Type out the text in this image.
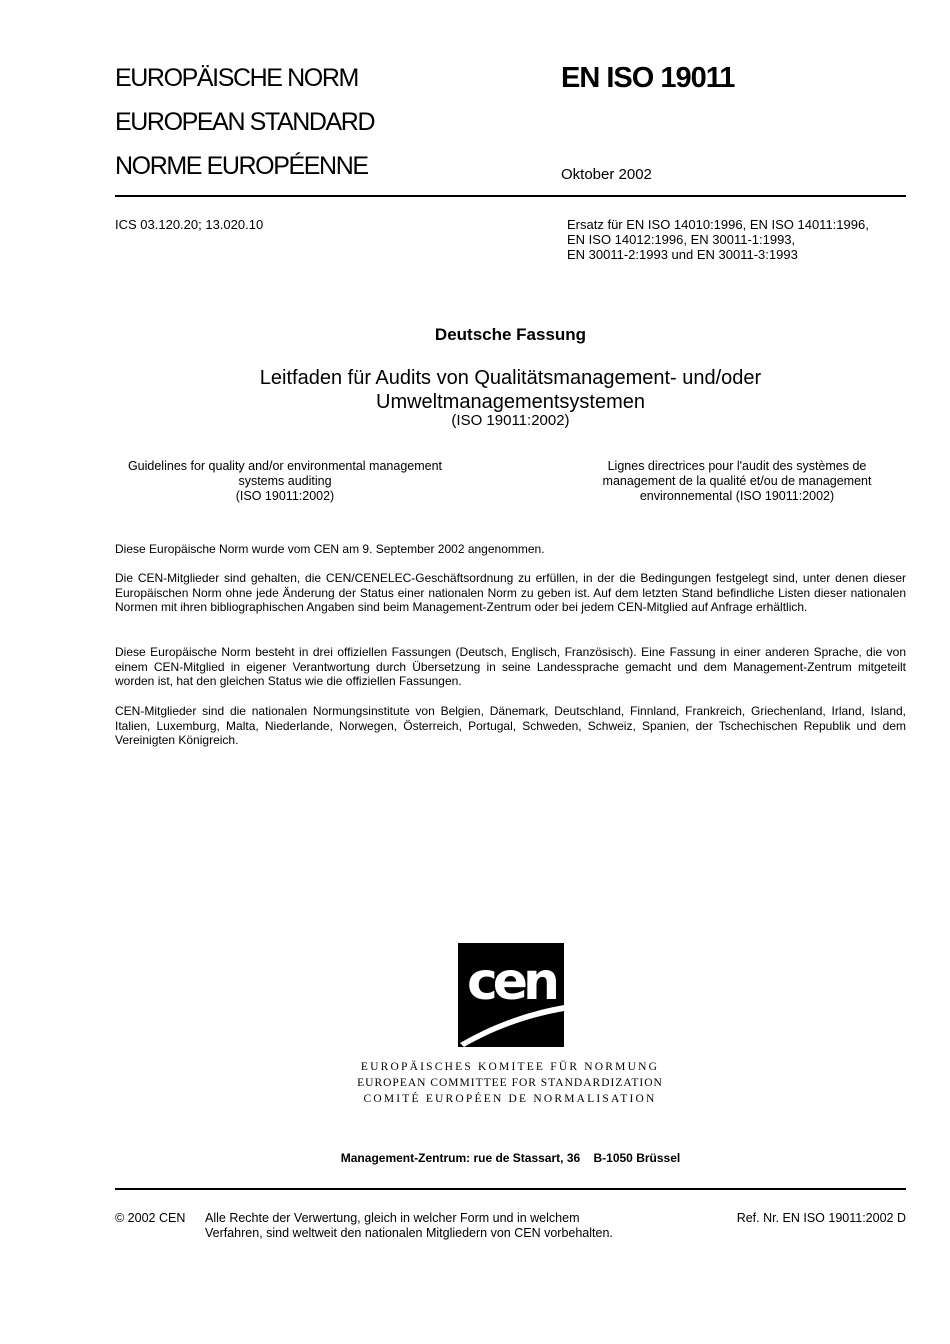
EUROPÄISCHE NORM
EUROPEAN STANDARD
NORME EUROPÉENNE
EN ISO 19011
Oktober 2002
ICS 03.120.20; 13.020.10	Ersatz für EN ISO 14010:1996, EN ISO 14011:1996,
EN ISO 14012:1996, EN 30011-1:1993,
EN 30011-2:1993 und EN 30011-3:1993
Deutsche Fassung
Leitfaden für Audits von Qualitätsmanagement- und/oder
Umweltmanagementsystemen
(ISO 19011:2002)
Guidelines for quality and/or environmental management
systems auditing
(ISO 19011:2002)
Lignes directrices pour l'audit des systèmes de
management de la qualité et/ou de management
environnemental (ISO 19011:2002)
Diese Europäische Norm wurde vom CEN am 9. September 2002 angenommen.
Die CEN-Mitglieder sind gehalten, die CEN/CENELEC-Geschäftsordnung zu erfüllen, in der die Bedingungen festgelegt sind, unter denen dieser Europäischen Norm ohne jede Änderung der Status einer nationalen Norm zu geben ist. Auf dem letzten Stand befindliche Listen dieser nationalen Normen mit ihren bibliographischen Angaben sind beim Management-Zentrum oder bei jedem CEN-Mitglied auf Anfrage erhältlich.
Diese Europäische Norm besteht in drei offiziellen Fassungen (Deutsch, Englisch, Französisch). Eine Fassung in einer anderen Sprache, die von einem CEN-Mitglied in eigener Verantwortung durch Übersetzung in seine Landessprache gemacht und dem Management-Zentrum mitgeteilt worden ist, hat den gleichen Status wie die offiziellen Fassungen.
CEN-Mitglieder sind die nationalen Normungsinstitute von Belgien, Dänemark, Deutschland, Finnland, Frankreich, Griechenland, Irland, Island, Italien, Luxemburg, Malta, Niederlande, Norwegen, Österreich, Portugal, Schweden, Schweiz, Spanien, der Tschechischen Republik und dem Vereinigten Königreich.
cen
EUROPÄISCHES KOMITEE FÜR NORMUNG
EUROPEAN COMMITTEE FOR STANDARDIZATION
COMITÉ EUROPÉEN DE NORMALISATION
Management-Zentrum: rue de Stassart, 36    B-1050 Brüssel
© 2002 CEN Alle Rechte der Verwertung, gleich in welcher Form und in welchem
Verfahren, sind weltweit den nationalen Mitgliedern von CEN vorbehalten.
Ref. Nr. EN ISO 19011:2002 D
